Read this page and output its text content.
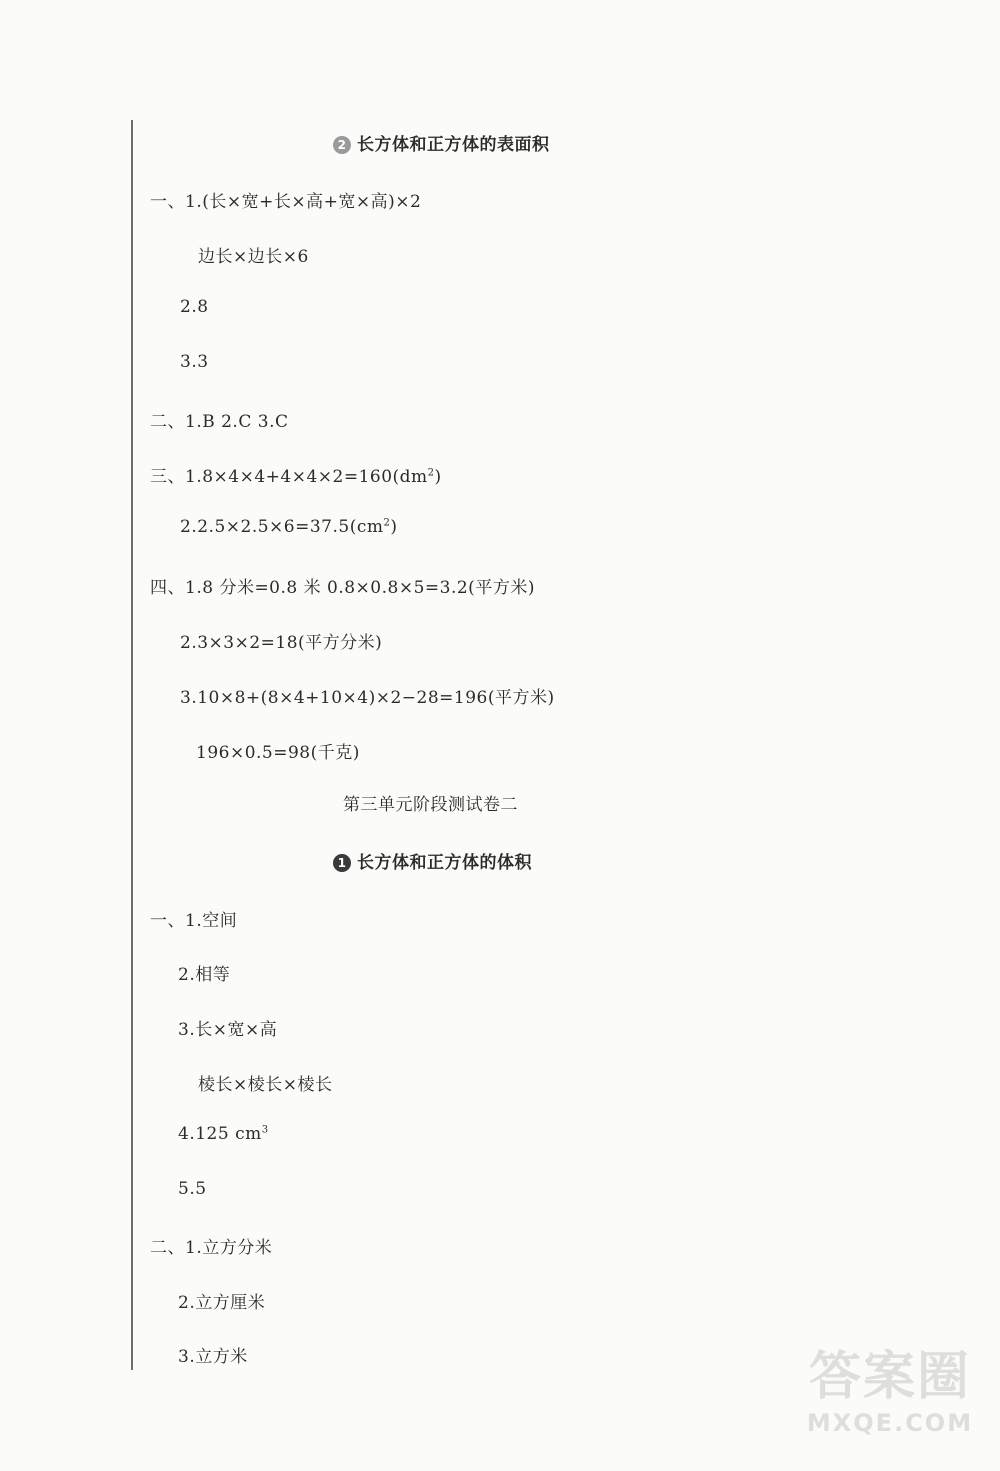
2 长方体和正方体的表面积
一、1.(长×宽+长×高+宽×高)×2
边长×边长×6
2.8
3.3
二、1.B 2.C 3.C
三、$1.8\times 4\times 4+4\times 4\times 2=160(dm^2)$
$2.2.5\times 2.5\times 6=37.5(cm^2)$
四、1.8 分米=0.8 米 0.8×0.8×5=3.2(平方米)
2.3×3×2=18(平方分米)
3.10×8+(8×4+10×4)×2−28=196(平方米)
196×0.5=98(千克)
第三单元阶段测试卷二
1 长方体和正方体的体积
一、1.空间
2.相等
3.长×宽×高
棱长×棱长×棱长
4.125 $cm^3$
5.5
二、1.立方分米
2.立方厘米
3.立方米	答案圈
MXQE.COM
